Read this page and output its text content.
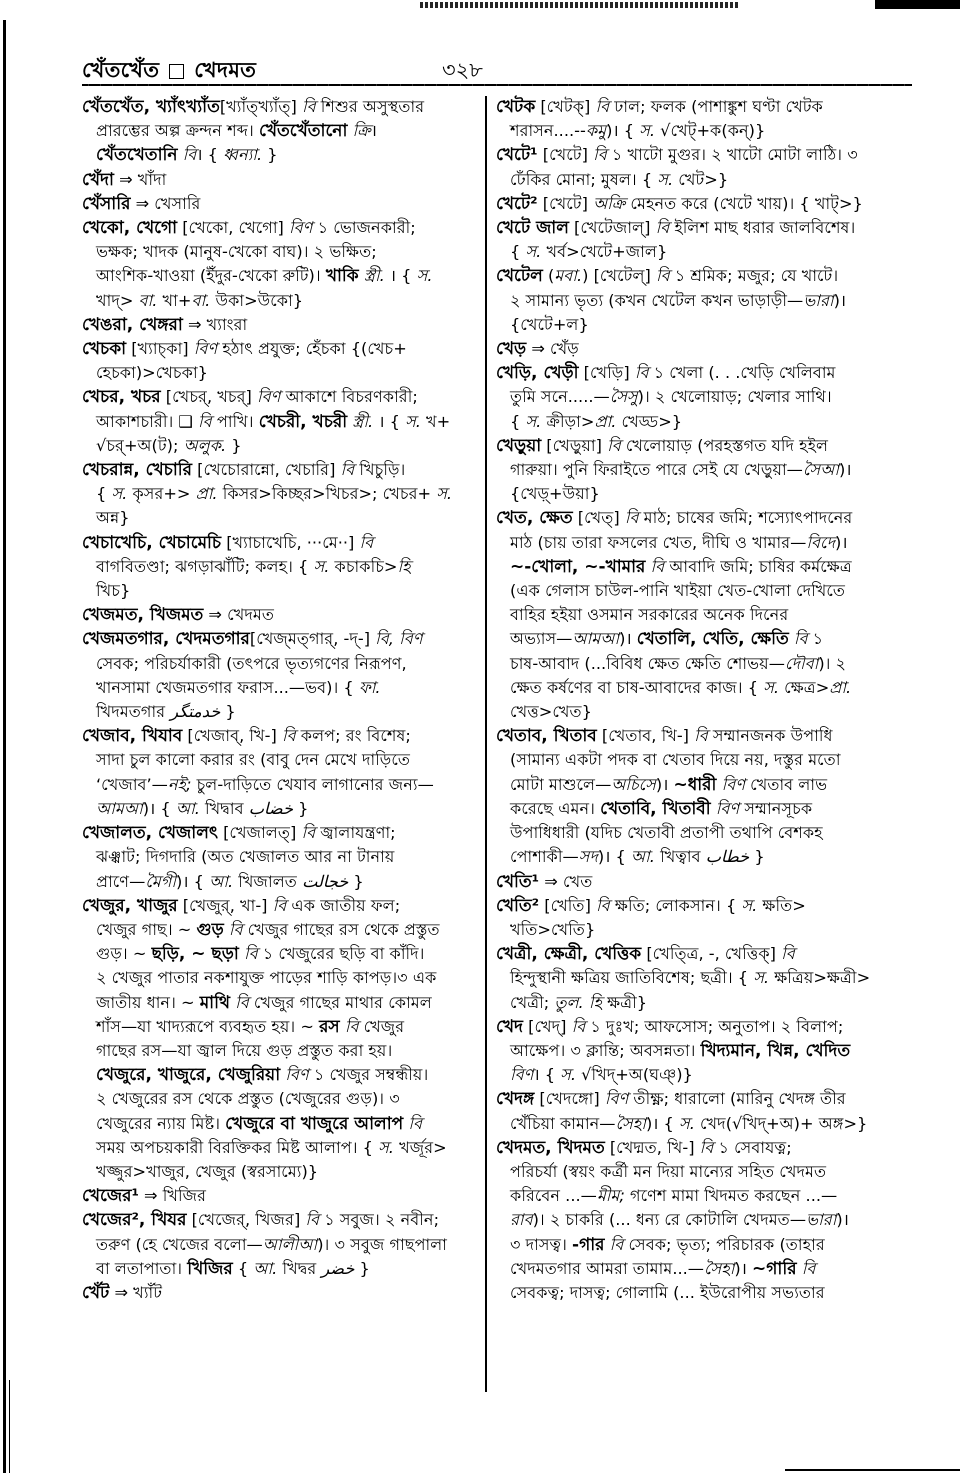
খেঁতখেঁত খেদমত	৩২৮
খেঁতখেঁত, খ্যাঁৎখ্যাঁত[খ্যাঁত্খ্যাঁত্] বি শিশুর অসুস্থতার
প্রারম্ভের অল্প ক্রন্দন শব্দ। খেঁতখেঁতানো ক্রি।
খেঁতখেতানি বি। { ধ্বন্যা. }
খেঁদা ⇒ খাঁদা
খেঁসারি ⇒ খেসারি
খেকো, খেগো [খেকো, খেগো] বিণ ১ ভোজনকারী;
ভক্ষক; খাদক (মানুষ-খেকো বাঘ)। ২ ভক্ষিত;
আংশিক-খাওয়া (ইঁদুর-খেকো রুটি)। খাকি স্ত্রী. । { স.
খাদ্> বা. খা+বা. উকা>উকো}
খেঙরা, খেঙ্গরা ⇒ খ্যাংরা
খেচকা [খ্যাচ্কা] বিণ হঠাৎ প্রযুক্ত; হেঁচকা {(খেচ+
হেচকা)>খেচকা}
খেচর, খচর [খেচর্, খচর্] বিণ আকাশে বিচরণকারী;
আকাশচারী। ❑ বি পাখি। খেচরী, খচরী স্ত্রী. । { স. খ+
√চর্+অ(ট); অলুক. }
খেচরান্ন, খেচারি [খেচোরান্নো, খেচারি] বি খিচুড়ি।
{ স. কৃসর+> প্রা. কিসর>কিচ্ছর>খিচর>; খেচর+ স.
অন্ন}
খেচাখেচি, খেচামেচি [খ্যাচাখেচি, ···মে··] বি
বাগবিতণ্ডা; ঝগড়াঝাঁটি; কলহ। { স. কচাকচি>হি
খিচ}
খেজমত, খিজমত ⇒ খেদমত
খেজমতগার, খেদমতগার[খেজ্মত্গার্, -দ্-] বি, বিণ
সেবক; পরিচর্যাকারী (তৎপরে ভৃত্যগণের নিরূপণ,
খানসামা খেজমতগার ফরাস...—ভব)। { ফা.
খিদমতগার خدمتگر }
খেজাব, খিযাব [খেজাব্, খি-] বি কলপ; রং বিশেষ;
সাদা চুল কালো করার রং (বাবু দেন মেখে দাড়িতে
‘খেজাব’—নই; চুল-দাড়িতে খেযাব লাগানোর জন্য—
আমআ)। { আ. খিদ্বাব خضاب }
খেজালত, খেজালৎ [খেজালত্] বি জ্বালাযন্ত্রণা;
ঝঞ্ঝাট; দিগদারি (অত খেজালত আর না টানায়
প্রাণে—মৈগী)। { আ. খিজালত خجالت }
খেজুর, খাজুর [খেজুর্, খা-] বি এক জাতীয় ফল;
খেজুর গাছ। ~ গুড় বি খেজুর গাছের রস থেকে প্রস্তুত
গুড়। ~ ছড়ি, ~ ছড়া বি ১ খেজুরের ছড়ি বা কাঁদি।
২ খেজুর পাতার নকশাযুক্ত পাড়ের শাড়ি কাপড়।৩ এক
জাতীয় ধান। ~ মাথি বি খেজুর গাছের মাথার কোমল
শাঁস—যা খাদ্যরূপে ব্যবহৃত হয়। ~ রস বি খেজুর
গাছের রস—যা জ্বাল দিয়ে গুড় প্রস্তুত করা হয়।
খেজুরে, খাজুরে, খেজুরিয়া বিণ ১ খেজুর সম্বন্ধীয়।
২ খেজুরের রস থেকে প্রস্তুত (খেজুরের গুড়)। ৩
খেজুরের ন্যায় মিষ্ট। খেজুরে বা খাজুরে আলাপ বি
সময় অপচয়কারী বিরক্তিকর মিষ্ট আলাপ। { স. খর্জূর>
খজ্জুর>খাজুর, খেজুর (স্বরসাম্যে)}
খেজের¹ ⇒ খিজির
খেজের², খিযর [খেজের্, খিজর] বি ১ সবুজ। ২ নবীন;
তরুণ (হে খেজের বলো—আলীআ)। ৩ সবুজ গাছপালা
বা লতাপাতা। খিজির { আ. খিদ্বর خضر }
খেঁট ⇒ খ্যাঁট
খেটক [খেটক্] বি ঢাল; ফলক (পাশাঙ্কুশ ঘণ্টা খেটক
শরাসন....--কমু)। { স. √খেট্+ক(কন্)}
খেটে¹ [খেটে] বি ১ খাটো মুগুর। ২ খাটো মোটা লাঠি। ৩
ঢেঁকির মোনা; মুষল। { স. খেট>}
খেটে² [খেটে] অক্রি মেহনত করে (খেটে খায়)। { খাট্>}
খেটে জাল [খেটেজাল্] বি ইলিশ মাছ ধরার জালবিশেষ।
{ স. খর্ব>খেটে+জাল}
খেটেল (মবা.) [খেটেল্] বি ১ শ্রমিক; মজুর; যে খাটে।
২ সামান্য ভৃত্য (কখন খেটেল কখন ভাড়াড়ী—ভারা)।
{খেটে+ল}
খেড় ⇒ খেঁড়
খেড়ি, খেড়ী [খেড়ি] বি ১ খেলা (. . .খেড়ি খেলিবাম
তুমি সনে.....—সৈসু)। ২ খেলোয়াড়; খেলার সাথি।
{ স. ক্রীড়া>প্রা. খেড্ড>}
খেড়ুয়া [খেড়ুয়া] বি খেলোয়াড় (পরহস্তগত যদি হইল
গারুয়া। পুনি ফিরাইতে পারে সেই যে খেড়ুয়া—সৈআ)।
{খেড়্+উয়া}
খেত, ক্ষেত [খেত্] বি মাঠ; চাষের জমি; শস্যোৎপাদনের
মাঠ (চায় তারা ফসলের খেত, দীঘি ও খামার—বিদে)।
~-খোলা, ~-খামার বি আবাদি জমি; চাষির কর্মক্ষেত্র
(এক গেলাস চাউল-পানি খাইয়া খেত-খোলা দেখিতে
বাহির হইয়া ওসমান সরকারের অনেক দিনের
অভ্যাস—আমআ)। খেতালি, খেতি, ক্ষেতি বি ১
চাষ-আবাদ (...বিবিধ ক্ষেত ক্ষেতি শোভয়—দৌবা)। ২
ক্ষেত কর্ষণের বা চাষ-আবাদের কাজ। { স. ক্ষেত্র>প্রা.
খেত্ত>খেত}
খেতাব, খিতাব [খেতাব, খি-] বি সম্মানজনক উপাধি
(সামান্য একটা পদক বা খেতাব দিয়ে নয়, দস্তুর মতো
মোটা মাশুলে—অচিসে)। ~ধারী বিণ খেতাব লাভ
করেছে এমন। খেতাবি, খিতাবী বিণ সম্মানসূচক
উপাধিধারী (যদিচ খেতাবী প্রতাপী তথাপি বেশকহ
পোশাকী—সদ)। { আ. খিত্বাব خطاب }
খেতি¹ ⇒ খেত
খেতি² [খেতি] বি ক্ষতি; লোকসান। { স. ক্ষতি>
খতি>খেতি}
খেত্রী, ক্ষেত্রী, খেত্তিক [খেত্ত্রি, -, খেত্তিক্] বি
হিন্দুস্থানী ক্ষত্রিয় জাতিবিশেষ; ছত্রী। { স. ক্ষত্রিয়>ক্ষত্রী>
খেত্রী; তুল. হি ক্ষত্রী}
খেদ [খেদ্] বি ১ দুঃখ; আফসোস; অনুতাপ। ২ বিলাপ;
আক্ষেপ। ৩ ক্লান্তি; অবসন্নতা। খিদ্যমান, খিন্ন, খেদিত
বিণ। { স. √খিদ্+অ(ঘঞ্)}
খেদঙ্গ [খেদঙ্গো] বিণ তীক্ষ্ণ; ধারালো (মারিনু খেদঙ্গ তীর
খেঁচিয়া কামান—সৈহা)। { স. খেদ(√খিদ্+অ)+ অঙ্গ>}
খেদমত, খিদমত [খেদ্মত, খি-] বি ১ সেবাযত্ন;
পরিচর্যা (স্বয়ং কর্ত্রী মন দিয়া মান্যের সহিত খেদমত
করিবেন ...—মীম; গণেশ মামা খিদমত করছেন ...—
রাব)। ২ চাকরি (... ধন্য রে কোটালি খেদমত—ভারা)।
৩ দাসত্ব। -গার বি সেবক; ভৃত্য; পরিচারক (তাহার
খেদমতগার আমরা তামাম...—সৈহা)। ~গারি বি
সেবকত্ব; দাসত্ব; গোলামি (... ইউরোপীয় সভ্যতার
